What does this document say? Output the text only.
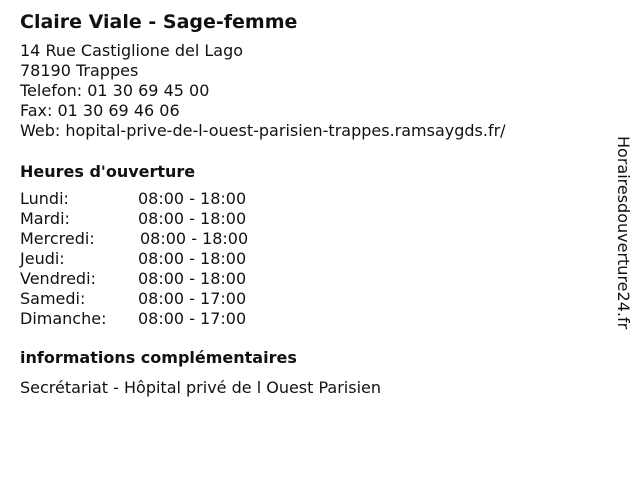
Claire Viale - Sage-femme
14 Rue Castiglione del Lago
78190 Trappes
Telefon: 01 30 69 45 00
Fax: 01 30 69 46 06
Web: hopital-prive-de-l-ouest-parisien-trappes.ramsaygds.fr/
Heures d'ouverture
Lundi:	08:00 - 18:00
Mardi:	08:00 - 18:00
Mercredi:	08:00 - 18:00
Jeudi:	08:00 - 18:00
Vendredi:	08:00 - 18:00
Samedi:	08:00 - 17:00
Dimanche:	08:00 - 17:00
informations complémentaires
Secrétariat - Hôpital privé de l Ouest Parisien
Horairesdouverture24.fr
